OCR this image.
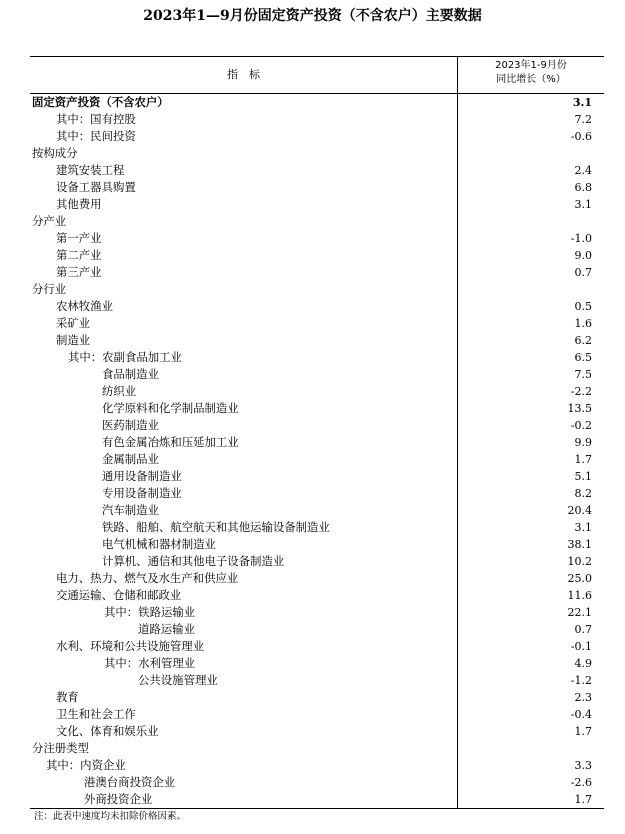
2023年1—9月份固定资产投资（不含农户）主要数据
指　标
2023年1-9月份
同比增长（%）
固定资产投资（不含农户）	3.1
其中：国有控股	7.2
其中：民间投资	-0.6
按构成分
建筑安装工程	2.4
设备工器具购置	6.8
其他费用	3.1
分产业
第一产业	-1.0
第二产业	9.0
第三产业	0.7
分行业
农林牧渔业	0.5
采矿业	1.6
制造业	6.2
其中：农副食品加工业	6.5
食品制造业	7.5
纺织业	-2.2
化学原料和化学制品制造业	13.5
医药制造业	-0.2
有色金属冶炼和压延加工业	9.9
金属制品业	1.7
通用设备制造业	5.1
专用设备制造业	8.2
汽车制造业	20.4
铁路、船舶、航空航天和其他运输设备制造业	3.1
电气机械和器材制造业	38.1
计算机、通信和其他电子设备制造业	10.2
电力、热力、燃气及水生产和供应业	25.0
交通运输、仓储和邮政业	11.6
其中：铁路运输业	22.1
道路运输业	0.7
水利、环境和公共设施管理业	-0.1
其中：水利管理业	4.9
公共设施管理业	-1.2
教育	2.3
卫生和社会工作	-0.4
文化、体育和娱乐业	1.7
分注册类型
其中：内资企业	3.3
港澳台商投资企业	-2.6
外商投资企业	1.7
注：此表中速度均未扣除价格因素。
